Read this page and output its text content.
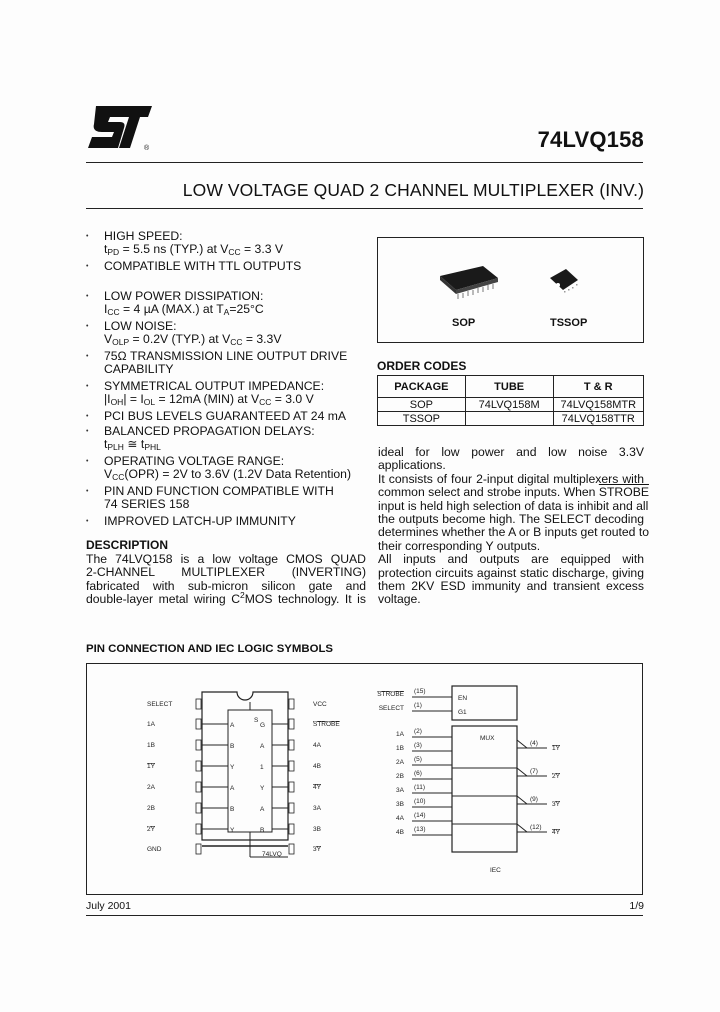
®	74LVQ158
LOW VOLTAGE QUAD 2 CHANNEL MULTIPLEXER (INV.)
• HIGH SPEED:
$t_{PD} = 5.5$ ns (TYP.) at $V_{CC} = 3.3$ V
• COMPATIBLE WITH TTL OUTPUTS
• LOW POWER DISSIPATION:
$I_{CC} = 4$ µA (MAX.) at $T_A=25^\circ C$
• LOW NOISE:
$V_{OLP} = 0.2V$ (TYP.) at $V_{CC} = 3.3V$
• 75Ω TRANSMISSION LINE OUTPUT DRIVE
CAPABILITY
• SYMMETRICAL OUTPUT IMPEDANCE:
$|I_{OH}| = I_{OL} = 12mA$ (MIN) at $V_{CC} = 3.0$ V
• PCI BUS LEVELS GUARANTEED AT 24 mA
• BALANCED PROPAGATION DELAYS:
$t_{PLH}$ ≅ $t_{PHL}$
• OPERATING VOLTAGE RANGE:
$V_{CC}(OPR) = 2V$ to 3.6V (1.2V Data Retention)
• PIN AND FUNCTION COMPATIBLE WITH
74 SERIES 158
• IMPROVED LATCH-UP IMMUNITY
DESCRIPTION
The 74LVQ158 is a low voltage CMOS QUAD
2-CHANNEL MULTIPLEXER (INVERTING)
fabricated with sub-micron silicon gate and
double-layer metal wiring $C^2MOS$ technology. It is
SOP	TSSOP
ORDER CODES
PACKAGE	TUBE	T & R
SOP	74LVQ158M	74LVQ158MTR
TSSOP		74LVQ158TTR
ideal for low power and low noise 3.3V
applications.
It consists of four 2-input digital multiplexers with
common select and strobe inputs. When STROBE
input is held high selection of data is inhibit and all
the outputs become high. The SELECT decoding
determines whether the A or B inputs get routed to
their corresponding Y outputs.
All inputs and outputs are equipped with
protection circuits against static discharge, giving
them 2KV ESD immunity and transient excess
voltage.
PIN CONNECTION AND IEC LOGIC SYMBOLS
SELECT
1A
1B
1Y
2A
2B
2Y
GND
VCC
STROBE
4A
4B
4Y
3A
3B
3Y
S
A
B
Y
A
B
Y
Y
A
B
G
A
1
74LVQ
EN
G1
MUX
STROBE (15)
SELECT (1)
1A (2)
1B (3)
2A (5)
2B (6)
3A (11)
3B (10)
4A (14)
4B (13)
(4)
1Y
(7)
2Y
(9)
3Y
(12)
4Y
IEC
July 2001	1/9
